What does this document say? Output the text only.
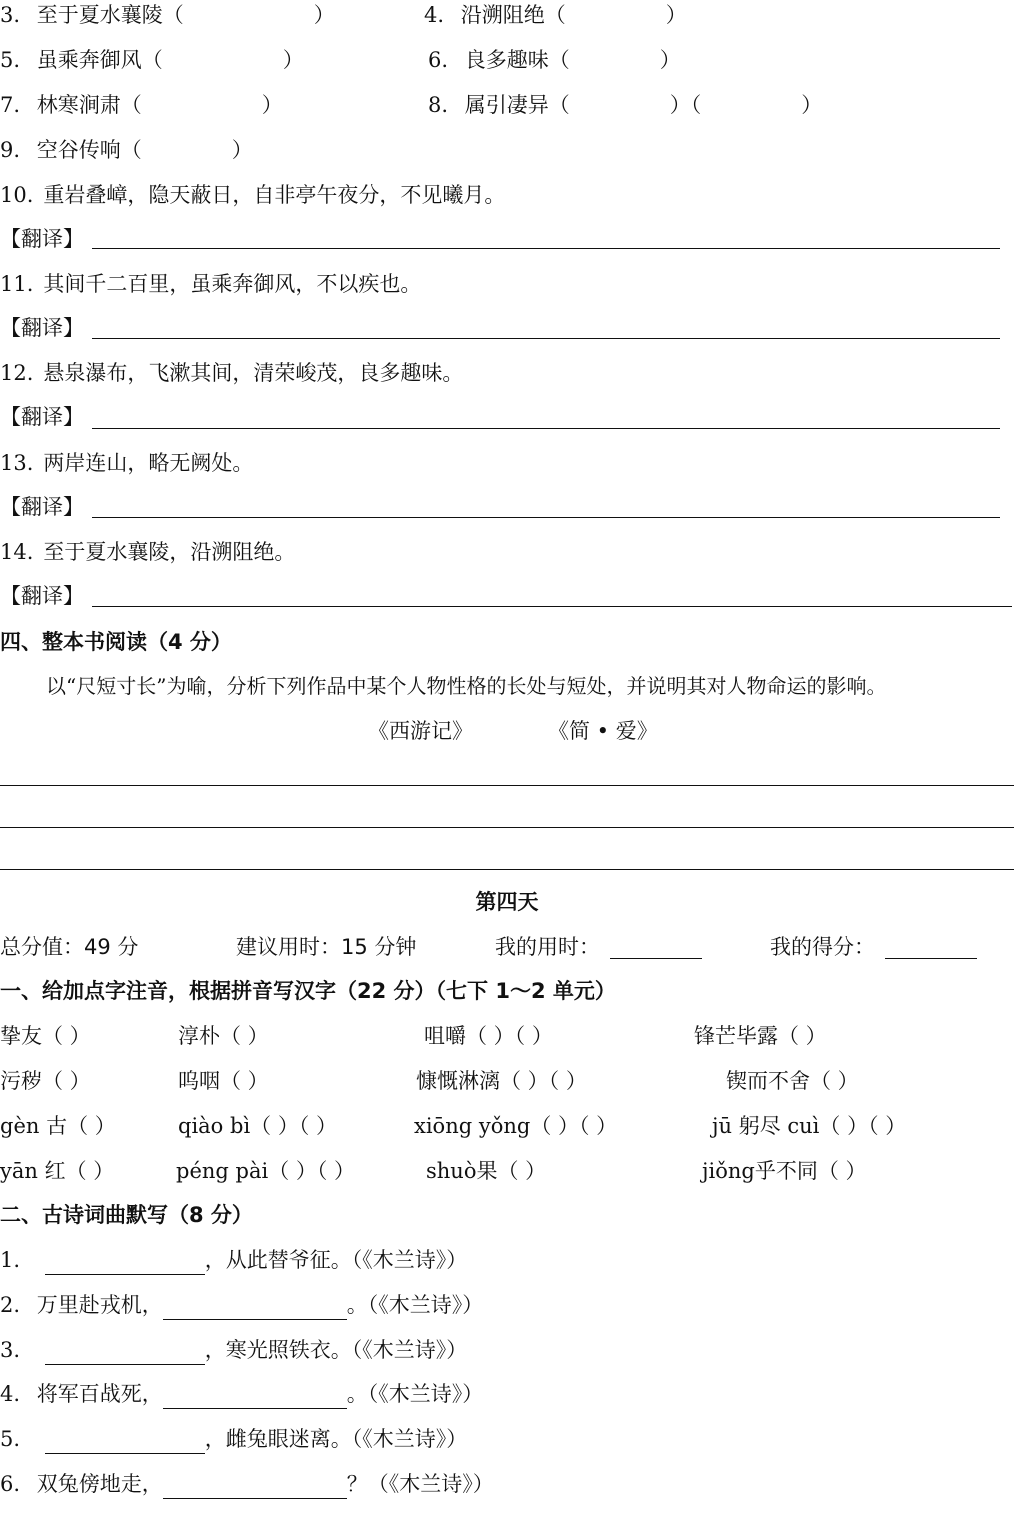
3. 至于夏水襄陵（	）	4. 沿溯阻绝（	）
5. 虽乘奔御风（	）	6. 良多趣味（	）
7. 林寒涧肃（	）	8. 属引凄异（	）（	）
9. 空谷传响（	）
10. 重岩叠嶂，隐天蔽日，自非亭午夜分，不见曦月。
【翻译】
11. 其间千二百里，虽乘奔御风，不以疾也。
【翻译】
12. 悬泉瀑布，飞漱其间，清荣峻茂，良多趣味。
【翻译】
13. 两岸连山，略无阙处。
【翻译】
14. 至于夏水襄陵，沿溯阻绝。
【翻译】
四、整本书阅读（4 分）
以“尺短寸长”为喻，分析下列作品中某个人物性格的长处与短处，并说明其对人物命运的影响。
《西游记》	《简 • 爱》
第四天
总分值：49 分	建议用时：15 分钟	我的用时：	我的得分：
一、给加点字注音，根据拼音写汉字（22 分）（七下 1～2 单元）
挚友（ ）	淳朴（ ）	咀嚼（ ）（ ）	锋芒毕露（ ）
污秽（ ）	呜咽（ ）	慷慨淋漓（ ）（ ）	锲而不舍（ ）
gèn 古（ ）	qiào bì（ ）（ ）	xiōng yǒng（ ）（ ）	jū 躬尽 cuì（ ）（ ）
yān 红（ ）	péng pài（ ）（ ）	shuò果（ ）	jiǒng乎不同（ ）
二、古诗词曲默写（8 分）
1.	，从此替爷征。（《木兰诗》）
2. 万里赴戎机，	。（《木兰诗》）
3.	，寒光照铁衣。（《木兰诗》）
4. 将军百战死，	。（《木兰诗》）
5.	，雌兔眼迷离。（《木兰诗》）
6. 双兔傍地走，	？（《木兰诗》）
